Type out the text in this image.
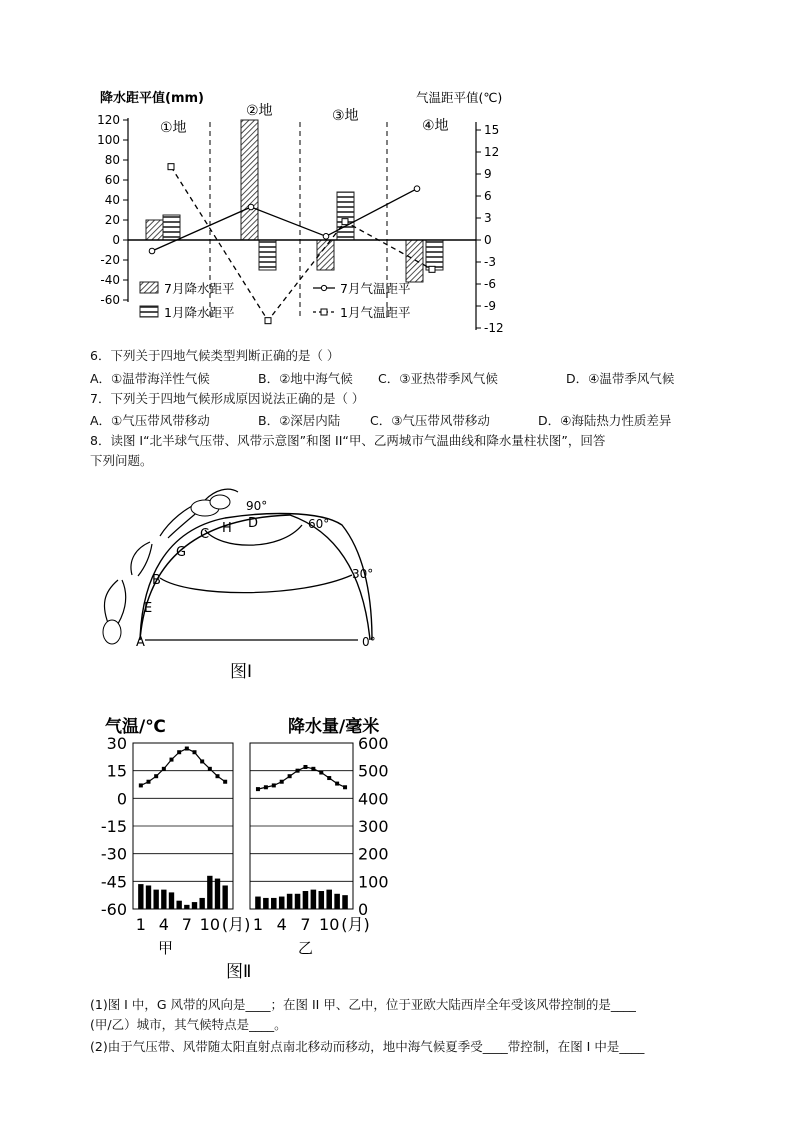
降水距平值(mm)	气温距平值(℃)
120
100
80
60
40
20
0
-20
-40
-60
15
12
9
6
3
0
-3
-6
-9
-12
①地
②地	③地
④地
7月降水距平
1月降水距平
7月气温距平
1月气温距平
6．下列关于四地气候类型判断正确的是（ ）
A．①温带海洋性气候	B．②地中海气候 C．③亚热带季风气候	D．④温带季风气候
7．下列关于四地气候形成原因说法正确的是（ ）
A．①气压带风带移动	B．②深居内陆 C．③气压带风带移动	D．④海陆热力性质差异
8．读图 I“北半球气压带、风带示意图”和图 II“甲、乙两城市气温曲线和降水量柱状图”，回答
下列问题。
A
B
C
D
E
G
H
90°
60°
30°
0°
图Ⅰ
气温/℃	降水量/毫米
30
15
0
-15
-30
-45
-60
600
500
400
300
200
100
0
1 4 7 10 (月) 1 4 7 10 (月)
甲	乙
图Ⅱ
(1)图 I 中，G 风带的风向是____；在图 II 甲、乙中，位于亚欧大陆西岸全年受该风带控制的是____
(甲/乙）城市，其气候特点是____。
(2)由于气压带、风带随太阳直射点南北移动而移动，地中海气候夏季受____带控制，在图 I 中是____
